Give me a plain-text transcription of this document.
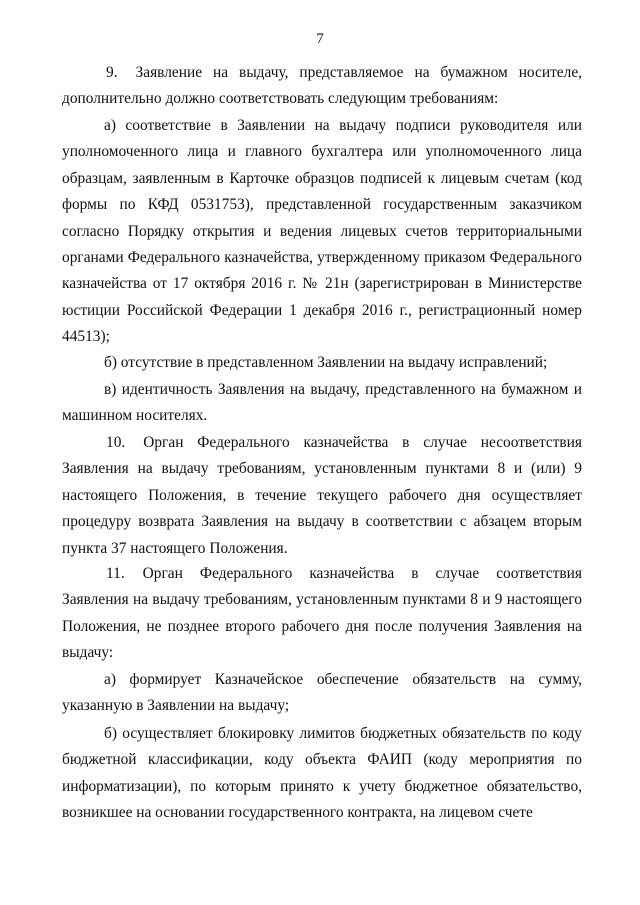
7

9. Заявление на выдачу, представляемое на бумажном носителе, дополнительно должно соответствовать следующим требованиям:

а) соответствие в Заявлении на выдачу подписи руководителя или уполномоченного лица и главного бухгалтера или уполномоченного лица образцам, заявленным в Карточке образцов подписей к лицевым счетам (код формы по КФД 0531753), представленной государственным заказчиком согласно Порядку открытия и ведения лицевых счетов территориальными органами Федерального казначейства, утвержденному приказом Федерального казначейства от 17 октября 2016 г. № 21н (зарегистрирован в Министерстве юстиции Российской Федерации 1 декабря 2016 г., регистрационный номер 44513);

б) отсутствие в представленном Заявлении на выдачу исправлений;

в) идентичность Заявления на выдачу, представленного на бумажном и машинном носителях.

10. Орган Федерального казначейства в случае несоответствия Заявления на выдачу требованиям, установленным пунктами 8 и (или) 9 настоящего Положения, в течение текущего рабочего дня осуществляет процедуру возврата Заявления на выдачу в соответствии с абзацем вторым пункта 37 настоящего Положения.

11. Орган Федерального казначейства в случае соответствия Заявления на выдачу требованиям, установленным пунктами 8 и 9 настоящего Положения, не позднее второго рабочего дня после получения Заявления на выдачу:

а) формирует Казначейское обеспечение обязательств на сумму, указанную в Заявлении на выдачу;

б) осуществляет блокировку лимитов бюджетных обязательств по коду бюджетной классификации, коду объекта ФАИП (коду мероприятия по информатизации), по которым принято к учету бюджетное обязательство, возникшее на основании государственного контракта, на лицевом счете
